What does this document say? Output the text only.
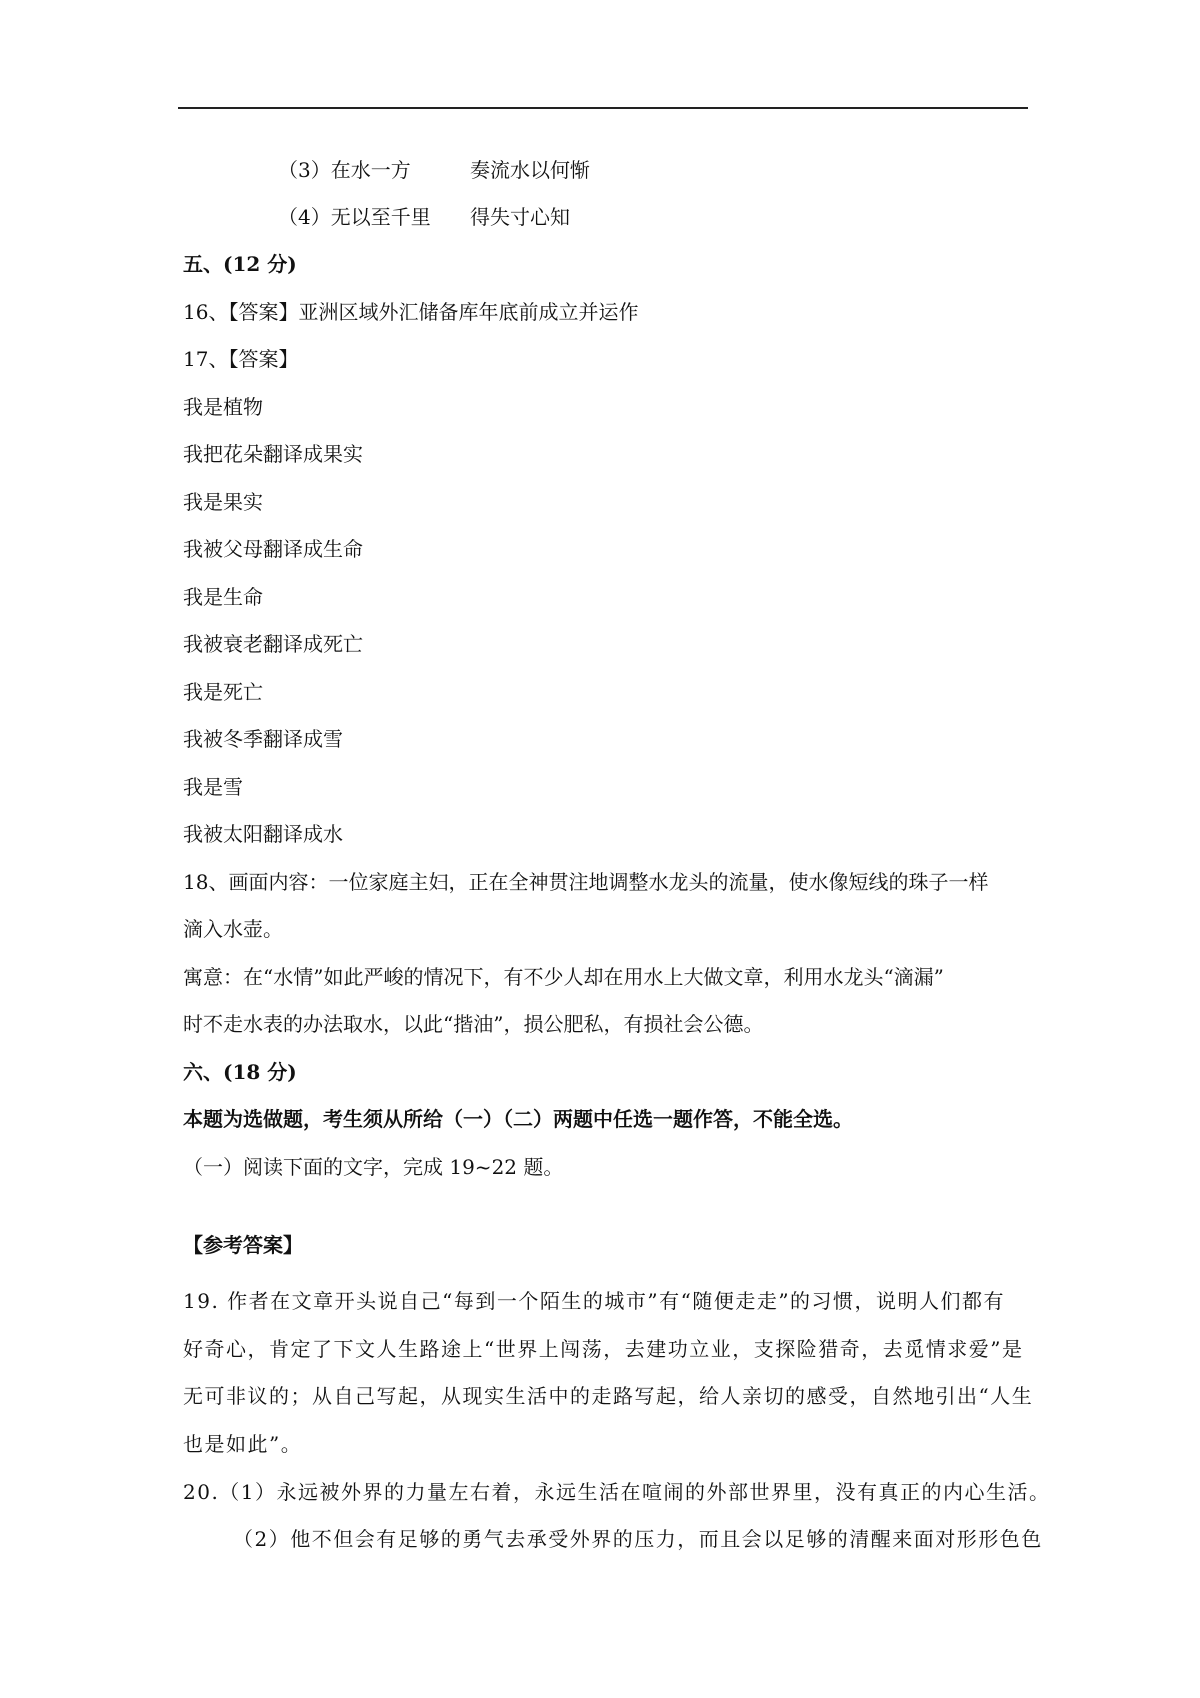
（3）在水一方	奏流水以何惭
（4）无以至千里 得失寸心知
五、(12 分)
16、【答案】亚洲区域外汇储备库年底前成立并运作
17、【答案】
我是植物
我把花朵翻译成果实
我是果实
我被父母翻译成生命
我是生命
我被衰老翻译成死亡
我是死亡
我被冬季翻译成雪
我是雪
我被太阳翻译成水
18、画面内容：一位家庭主妇，正在全神贯注地调整水龙头的流量，使水像短线的珠子一样
滴入水壶。
寓意：在“水情”如此严峻的情况下，有不少人却在用水上大做文章，利用水龙头“滴漏”
时不走水表的办法取水，以此“揩油”，损公肥私，有损社会公德。
六、(18 分)
本题为选做题，考生须从所给（一）（二）两题中任选一题作答，不能全选。
（一）阅读下面的文字，完成 19~22 题。
【参考答案】
19. 作者在文章开头说自己“每到一个陌生的城市”有“随便走走”的习惯，说明人们都有
好奇心，肯定了下文人生路途上“世界上闯荡，去建功立业，支探险猎奇，去觅情求爱”是
无可非议的；从自己写起，从现实生活中的走路写起，给人亲切的感受，自然地引出“人生
也是如此”。
20.（1）永远被外界的力量左右着，永远生活在喧闹的外部世界里，没有真正的内心生活。
（2）他不但会有足够的勇气去承受外界的压力，而且会以足够的清醒来面对形形色色
